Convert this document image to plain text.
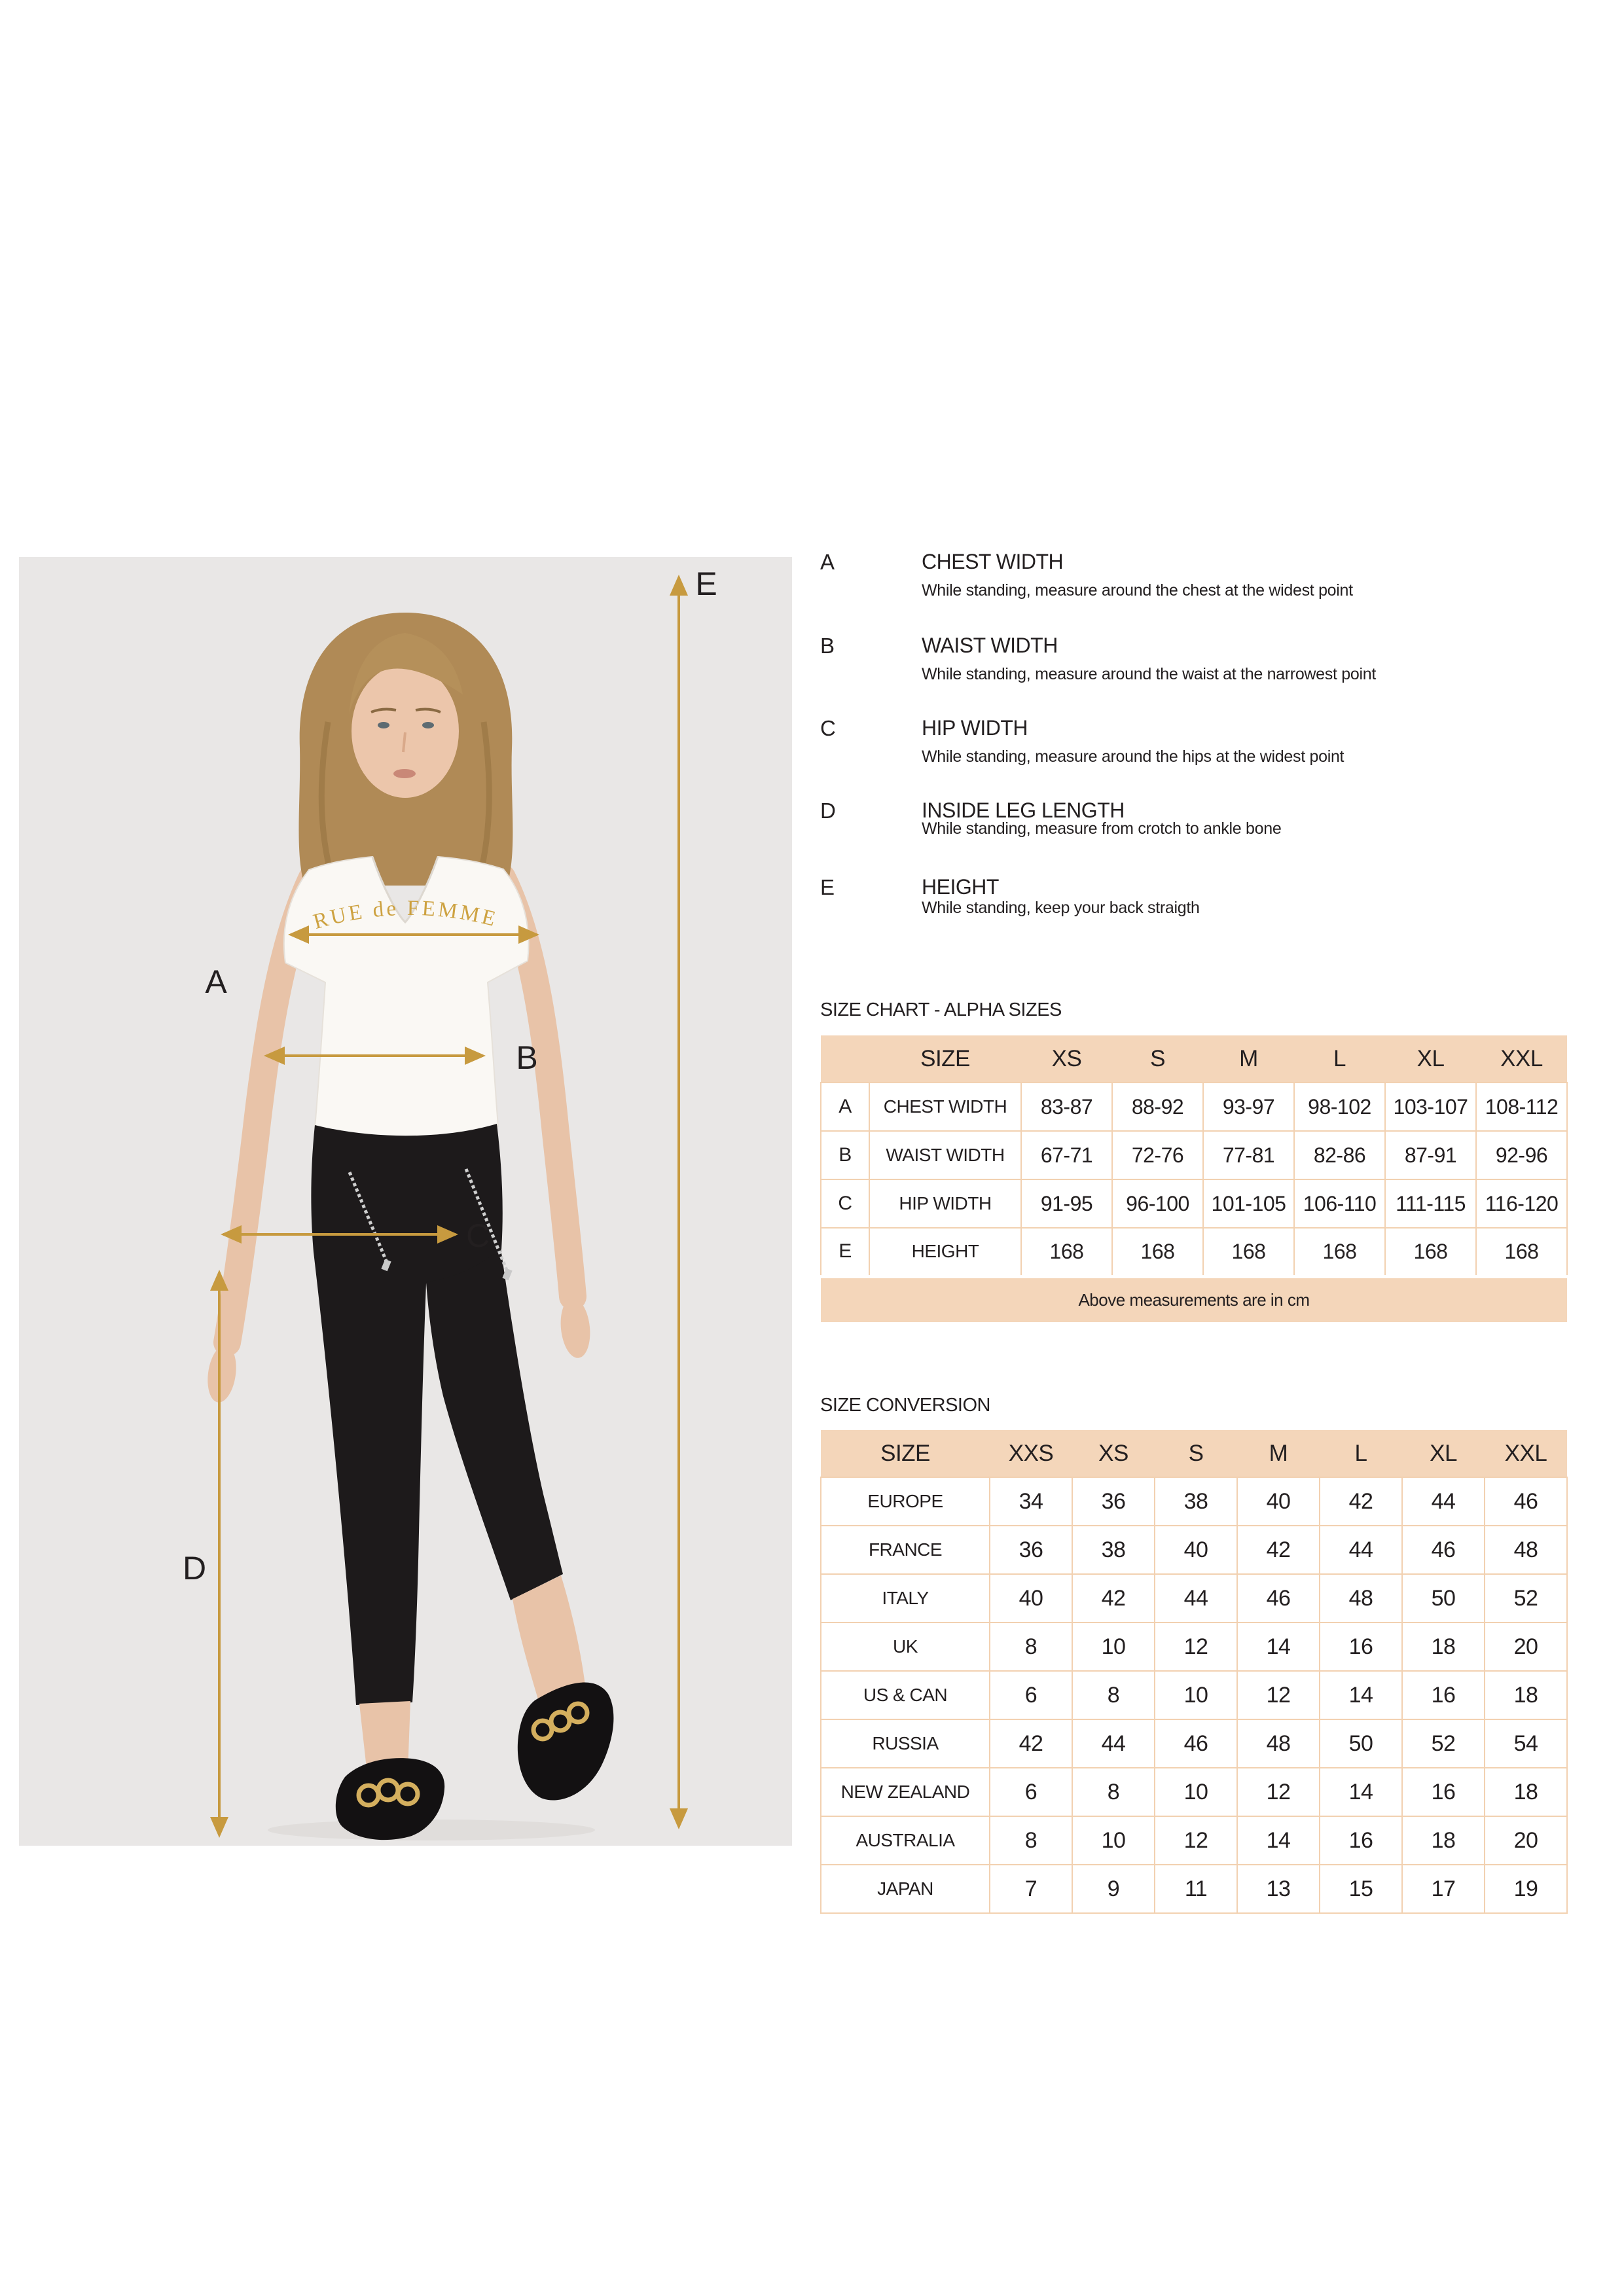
RUE de FEMME
A
B
C
D
E
A	CHEST WIDTH
While standing, measure around the chest at the widest point
B	WAIST WIDTH
While standing, measure around the waist at the narrowest point
C	HIP WIDTH
While standing, measure around the hips at the widest point
D	INSIDE LEG LENGTH
While standing, measure from crotch to ankle bone
E	HEIGHT
While standing, keep your back straigth
SIZE CHART - ALPHA SIZES
	SIZE	XS	S	M	L	XL	XXL
A	CHEST WIDTH	83-87	88-92	93-97	98-102	103-107	108-112
B	WAIST WIDTH	67-71	72-76	77-81	82-86	87-91	92-96
C	HIP WIDTH	91-95	96-100	101-105	106-110	111-115	116-120
E	HEIGHT	168	168	168	168	168	168
Above measurements are in cm							
SIZE CONVERSION
SIZE	XXS	XS	S	M	L	XL	XXL
EUROPE	34	36	38	40	42	44	46
FRANCE	36	38	40	42	44	46	48
ITALY	40	42	44	46	48	50	52
UK	8	10	12	14	16	18	20
US & CAN	6	8	10	12	14	16	18
RUSSIA	42	44	46	48	50	52	54
NEW ZEALAND	6	8	10	12	14	16	18
AUSTRALIA	8	10	12	14	16	18	20
JAPAN	7	9	11	13	15	17	19
